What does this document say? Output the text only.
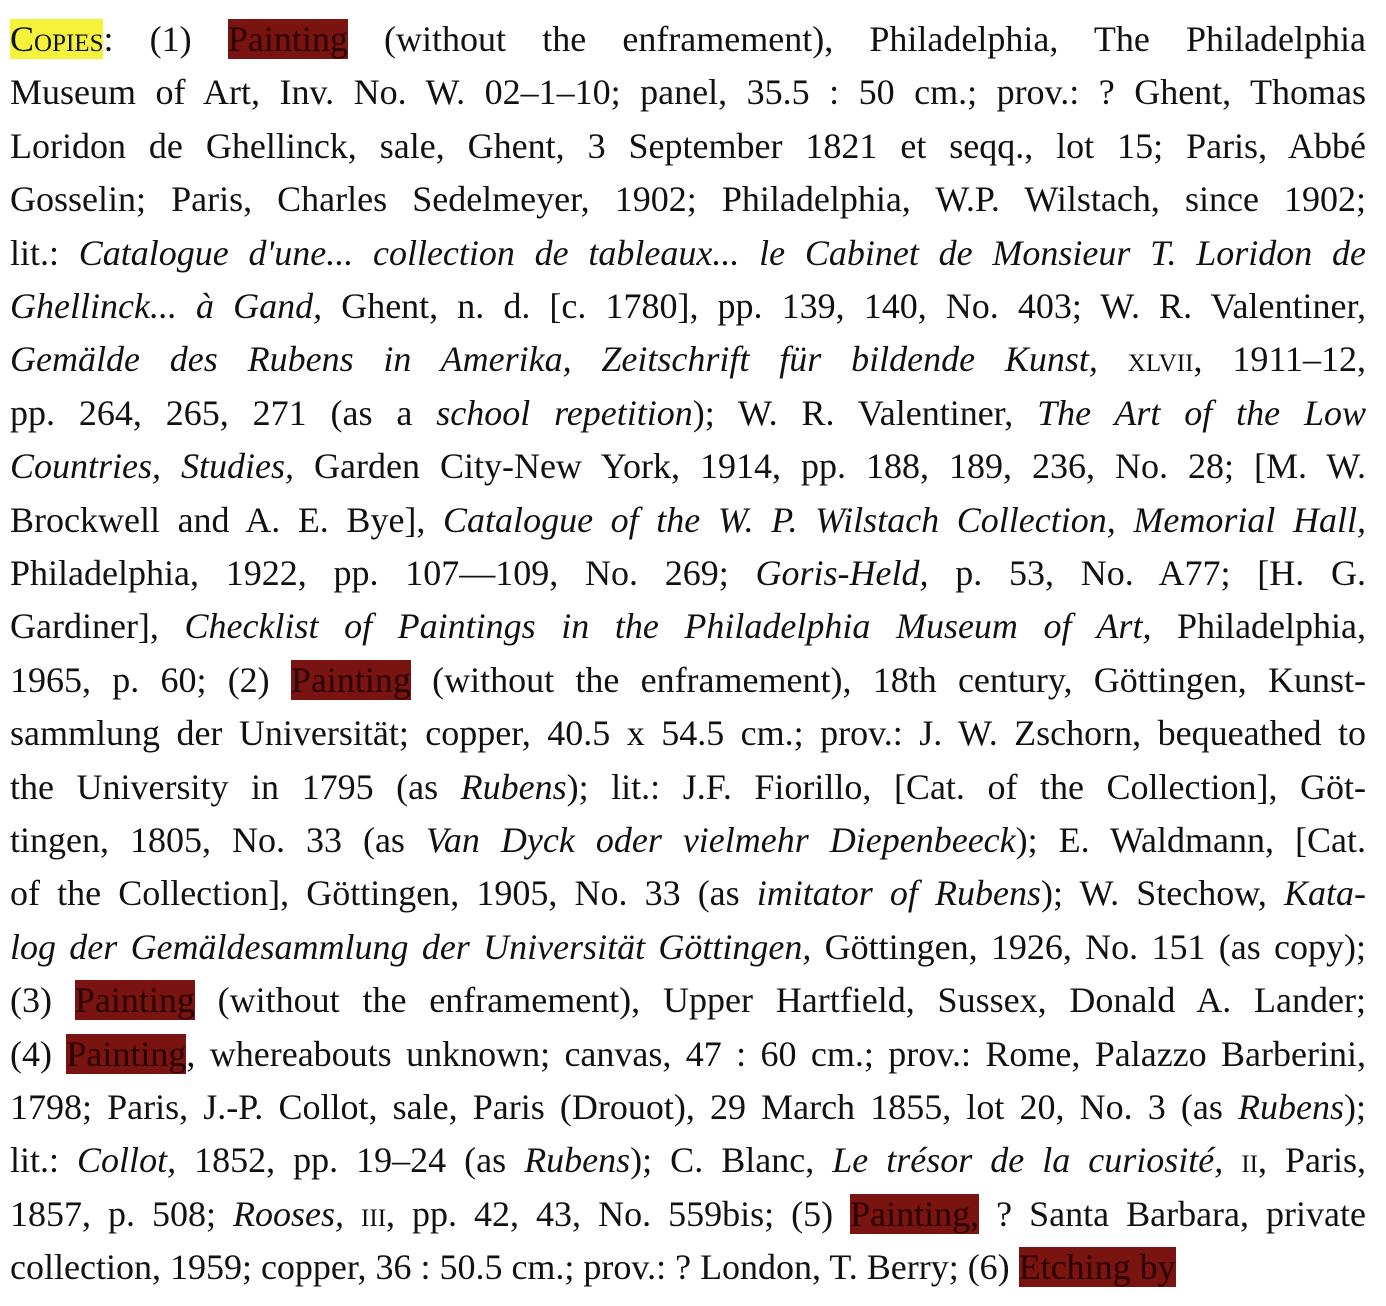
Copies: (1) Painting (without the enframement), Philadelphia, The Philadelphia
Museum of Art, Inv. No. W. 02–1–10; panel, 35.5 : 50 cm.; prov.: ? Ghent, Thomas
Loridon de Ghellinck, sale, Ghent, 3 September 1821 et seqq., lot 15; Paris, Abbé
Gosselin; Paris, Charles Sedelmeyer, 1902; Philadelphia, W.P. Wilstach, since 1902;
lit.: Catalogue d'une... collection de tableaux... le Cabinet de Monsieur T. Loridon de
Ghellinck... à Gand, Ghent, n. d. [c. 1780], pp. 139, 140, No. 403; W. R. Valentiner,
Gemälde des Rubens in Amerika, Zeitschrift für bildende Kunst, xlvii, 1911–12,
pp. 264, 265, 271 (as a school repetition); W. R. Valentiner, The Art of the Low
Countries, Studies, Garden City-New York, 1914, pp. 188, 189, 236, No. 28; [M. W.
Brockwell and A. E. Bye], Catalogue of the W. P. Wilstach Collection, Memorial Hall,
Philadelphia, 1922, pp. 107—109, No. 269; Goris-Held, p. 53, No. A77; [H. G.
Gardiner], Checklist of Paintings in the Philadelphia Museum of Art, Philadelphia,
1965, p. 60; (2) Painting (without the enframement), 18th century, Göttingen, Kunst-
sammlung der Universität; copper, 40.5 x 54.5 cm.; prov.: J. W. Zschorn, bequeathed to
the University in 1795 (as Rubens); lit.: J.F. Fiorillo, [Cat. of the Collection], Göt-
tingen, 1805, No. 33 (as Van Dyck oder vielmehr Diepenbeeck); E. Waldmann, [Cat.
of the Collection], Göttingen, 1905, No. 33 (as imitator of Rubens); W. Stechow, Kata-
log der Gemäldesammlung der Universität Göttingen, Göttingen, 1926, No. 151 (as copy);
(3) Painting (without the enframement), Upper Hartfield, Sussex, Donald A. Lander;
(4) Painting, whereabouts unknown; canvas, 47 : 60 cm.; prov.: Rome, Palazzo Barberini,
1798; Paris, J.-P. Collot, sale, Paris (Drouot), 29 March 1855, lot 20, No. 3 (as Rubens);
lit.: Collot, 1852, pp. 19–24 (as Rubens); C. Blanc, Le trésor de la curiosité, ii, Paris,
1857, p. 508; Rooses, iii, pp. 42, 43, No. 559bis; (5) Painting, ? Santa Barbara, private
collection, 1959; copper, 36 : 50.5 cm.; prov.: ? London, T. Berry; (6) Etching by
